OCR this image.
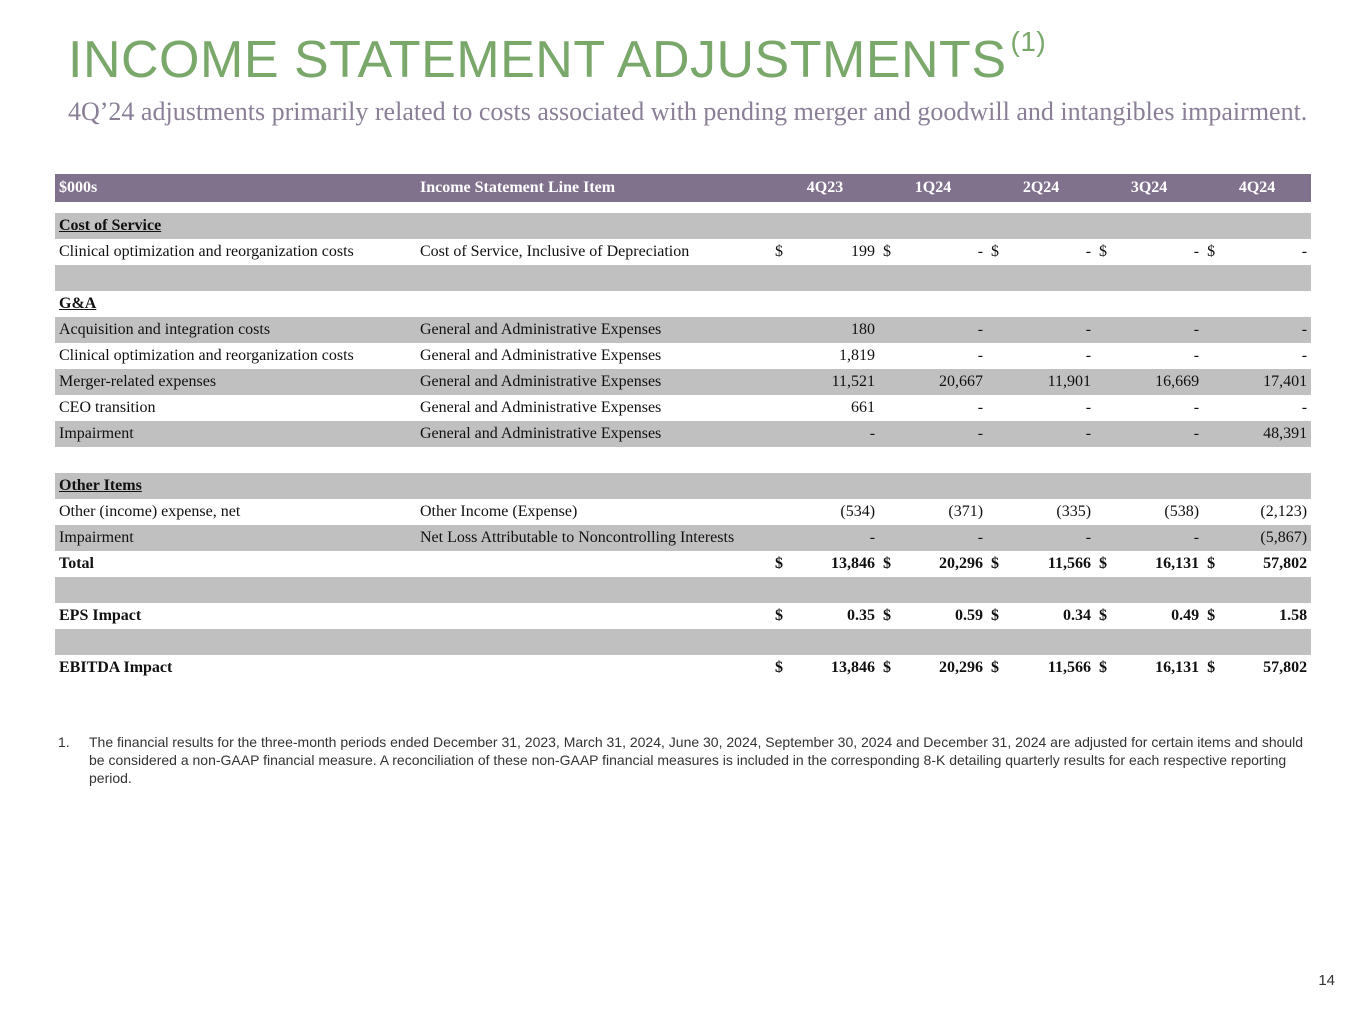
INCOME STATEMENT ADJUSTMENTS $^{(1)}$

4Q’24 adjustments primarily related to costs associated with pending merger and goodwill and intangibles impairment.

$000s	Income Statement Line Item	4Q23		1Q24		2Q24		3Q24		4Q24	

Cost of Service											
Clinical optimization and reorganization costs	Cost of Service, Inclusive of Depreciation	$	199	$	-	$	-	$	-	$	-

G&A											
Acquisition and integration costs	General and Administrative Expenses		180		-		-		-		-
Clinical optimization and reorganization costs	General and Administrative Expenses		1,819		-		-		-		-
Merger-related expenses	General and Administrative Expenses		11,521		20,667		11,901		16,669		17,401
CEO transition	General and Administrative Expenses		661		-		-		-		-
Impairment	General and Administrative Expenses		-		-		-		-		48,391

Other Items											
Other (income) expense, net	Other Income (Expense)		(534)		(371)		(335)		(538)		(2,123)
Impairment	Net Loss Attributable to Noncontrolling Interests		-		-		-		-		(5,867)
Total		$	13,846	$	20,296	$	11,566	$	16,131	$	57,802

EPS Impact		$	0.35	$	0.59	$	0.34	$	0.49	$	1.58

EBITDA Impact		$	13,846	$	20,296	$	11,566	$	16,131	$	57,802
1.	The financial results for the three-month periods ended December 31, 2023, March 31, 2024, June 30, 2024, September 30, 2024 and December 31, 2024 are adjusted for certain items and should be considered a non-GAAP financial measure. A reconciliation of these non-GAAP financial measures is included in the corresponding 8-K detailing quarterly results for each respective reporting period.
14
